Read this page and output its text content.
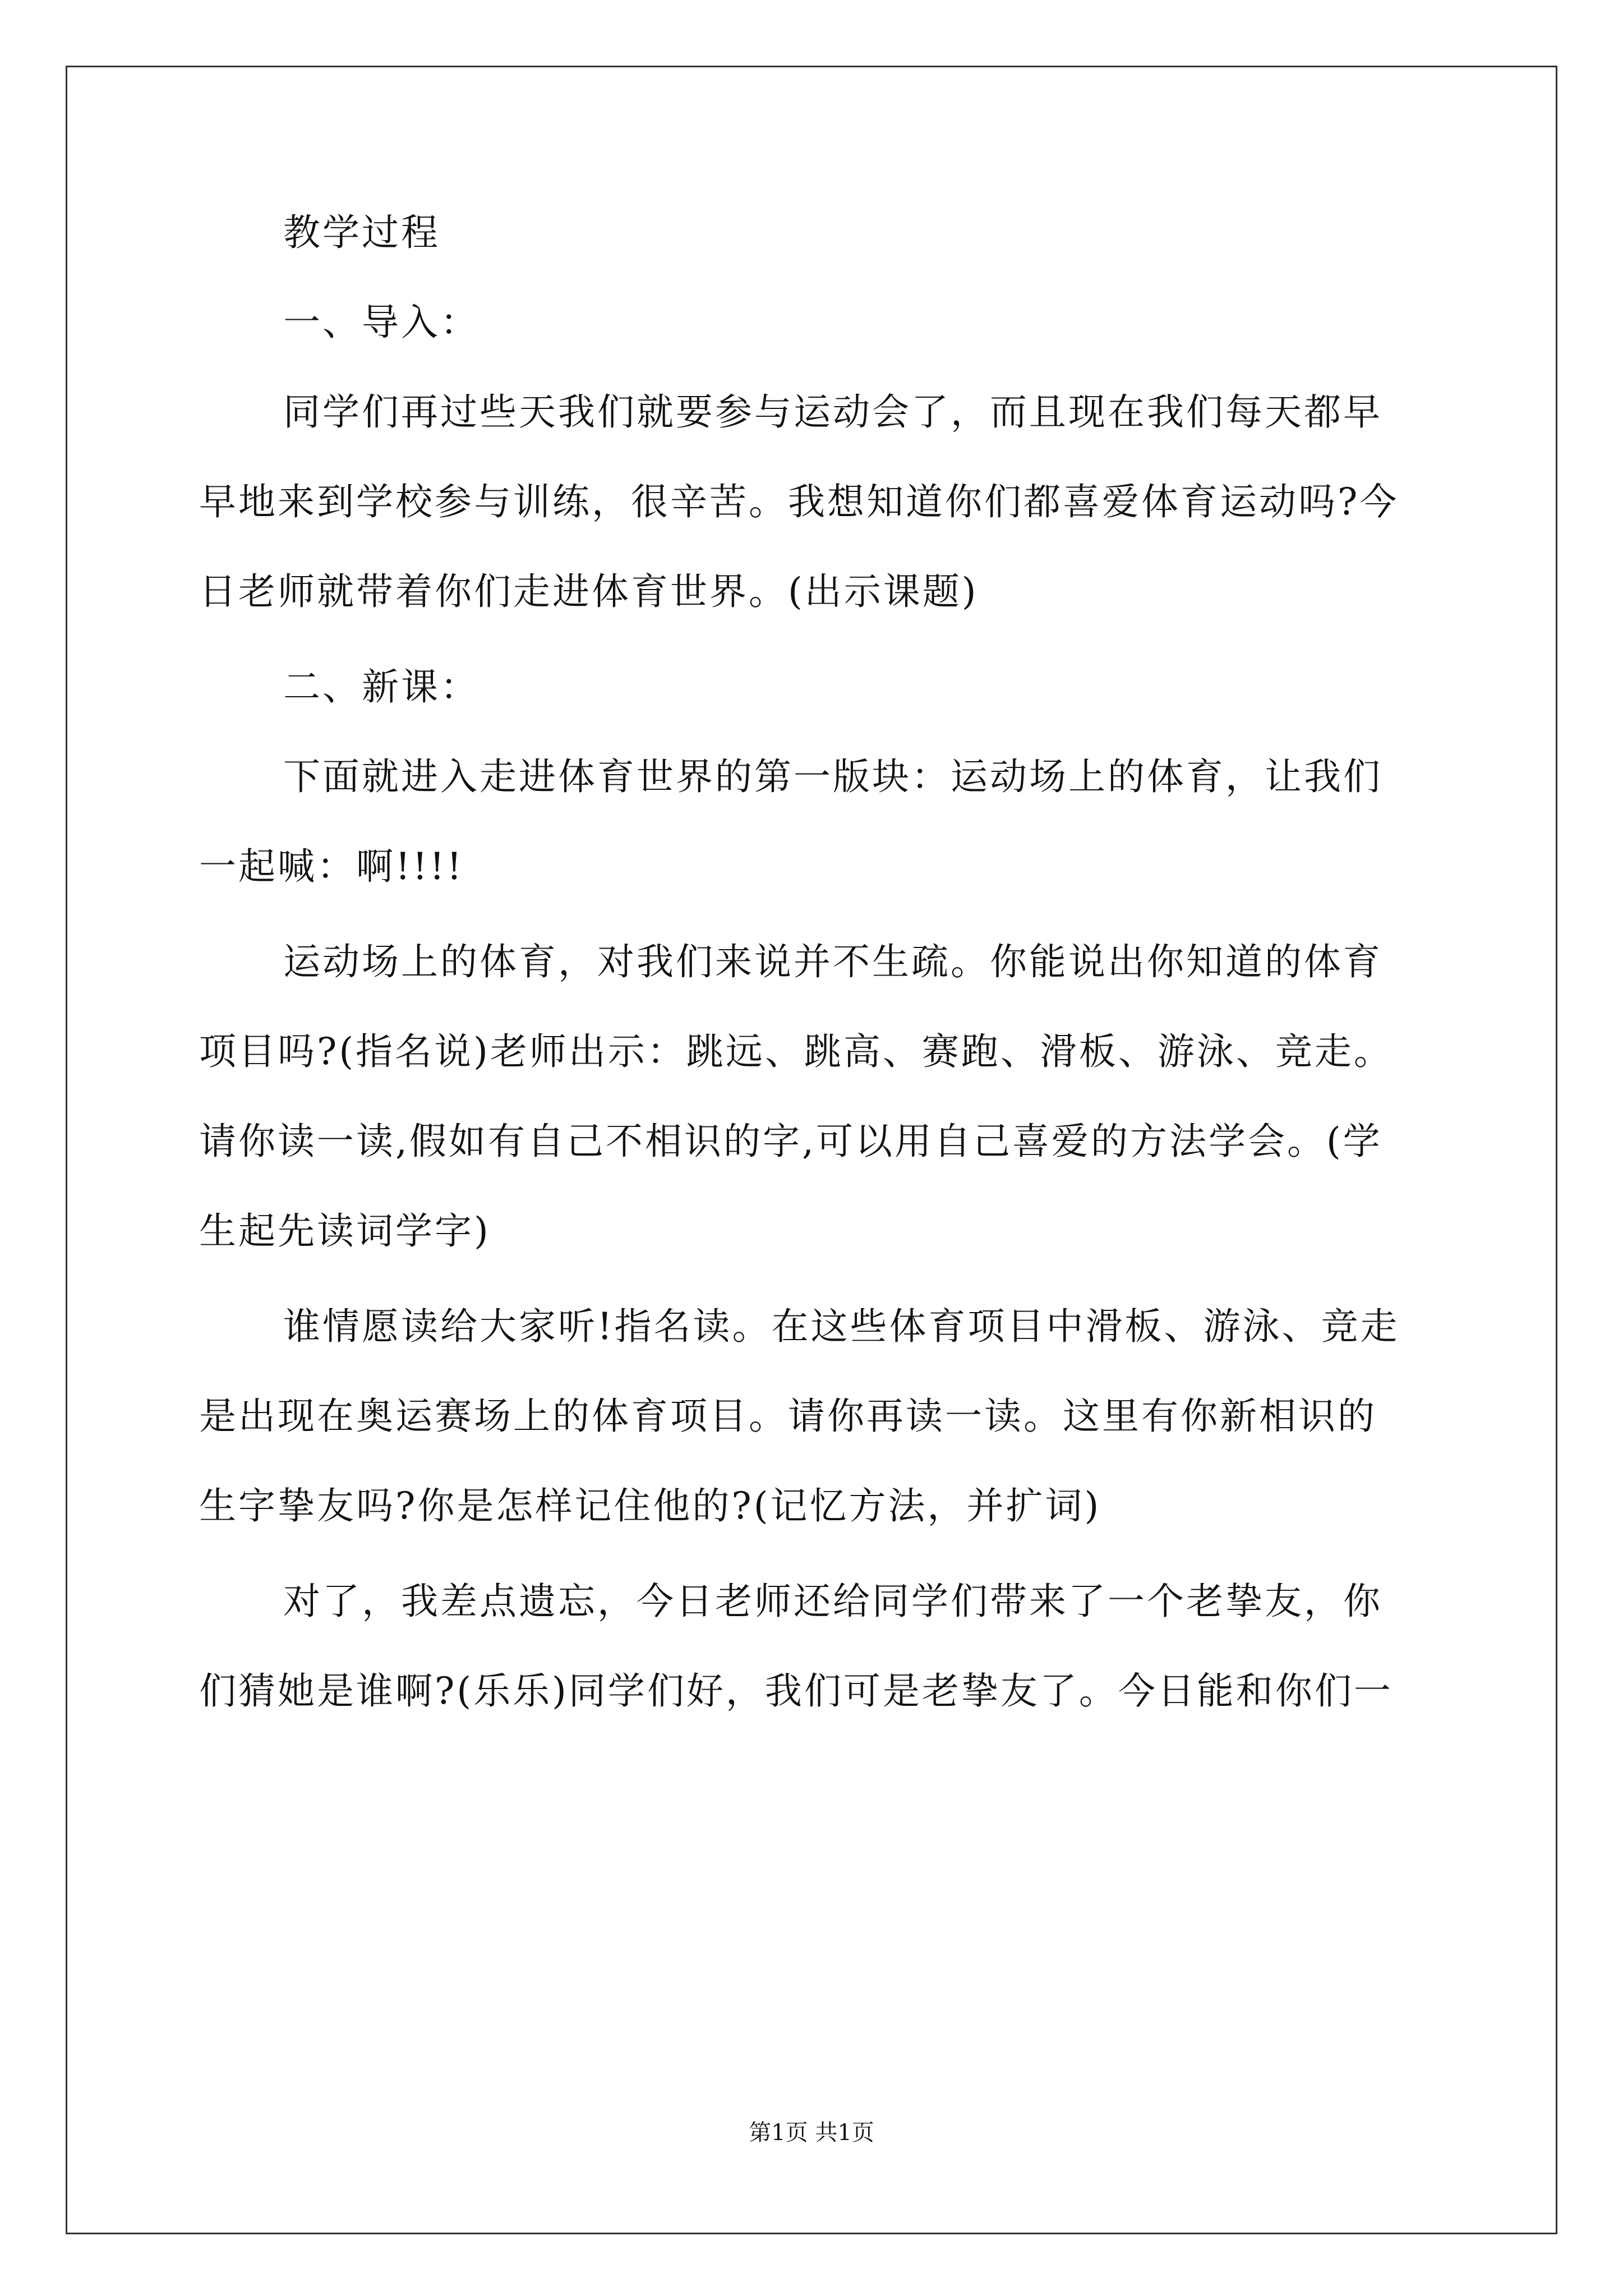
教学过程
一、导入：
同学们再过些天我们就要参与运动会了，而且现在我们每天都早
早地来到学校参与训练，很辛苦。我想知道你们都喜爱体育运动吗?今
日老师就带着你们走进体育世界。(出示课题)
二、新课：
下面就进入走进体育世界的第一版块：运动场上的体育，让我们
一起喊：啊!!!!
运动场上的体育，对我们来说并不生疏。你能说出你知道的体育
项目吗?(指名说)老师出示：跳远、跳高、赛跑、滑板、游泳、竞走。
请你读一读,假如有自己不相识的字,可以用自己喜爱的方法学会。(学
生起先读词学字)
谁情愿读给大家听!指名读。在这些体育项目中滑板、游泳、竞走
是出现在奥运赛场上的体育项目。请你再读一读。这里有你新相识的
生字挚友吗?你是怎样记住他的?(记忆方法，并扩词)
对了，我差点遗忘，今日老师还给同学们带来了一个老挚友，你
们猜她是谁啊?(乐乐)同学们好，我们可是老挚友了。今日能和你们一
第1页 共1页
